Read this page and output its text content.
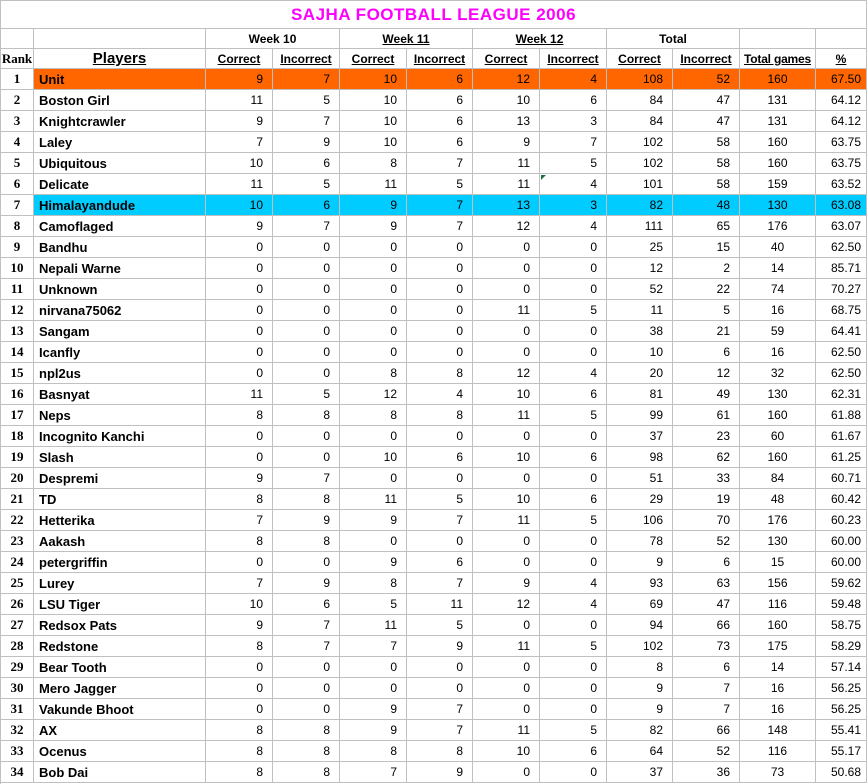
SAJHA FOOTBALL LEAGUE 2006
Week 10	Week 11	Week 12	Total
Rank	Players	Correct	Incorrect	Correct	Incorrect	Correct	Incorrect	Correct	Incorrect	Total games	%
1	Unit	9	7	10	6	12	4	108	52	160	67.50
2	Boston Girl	11	5	10	6	10	6	84	47	131	64.12
3	Knightcrawler	9	7	10	6	13	3	84	47	131	64.12
4	Laley	7	9	10	6	9	7	102	58	160	63.75
5	Ubiquitous	10	6	8	7	11	5	102	58	160	63.75
6	Delicate	11	5	11	5	11	4	101	58	159	63.52
7	Himalayandude	10	6	9	7	13	3	82	48	130	63.08
8	Camoflaged	9	7	9	7	12	4	111	65	176	63.07
9	Bandhu	0	0	0	0	0	0	25	15	40	62.50
10	Nepali Warne	0	0	0	0	0	0	12	2	14	85.71
11	Unknown	0	0	0	0	0	0	52	22	74	70.27
12	nirvana75062	0	0	0	0	11	5	11	5	16	68.75
13	Sangam	0	0	0	0	0	0	38	21	59	64.41
14	Icanfly	0	0	0	0	0	0	10	6	16	62.50
15	npl2us	0	0	8	8	12	4	20	12	32	62.50
16	Basnyat	11	5	12	4	10	6	81	49	130	62.31
17	Neps	8	8	8	8	11	5	99	61	160	61.88
18	Incognito Kanchi	0	0	0	0	0	0	37	23	60	61.67
19	Slash	0	0	10	6	10	6	98	62	160	61.25
20	Despremi	9	7	0	0	0	0	51	33	84	60.71
21	TD	8	8	11	5	10	6	29	19	48	60.42
22	Hetterika	7	9	9	7	11	5	106	70	176	60.23
23	Aakash	8	8	0	0	0	0	78	52	130	60.00
24	petergriffin	0	0	9	6	0	0	9	6	15	60.00
25	Lurey	7	9	8	7	9	4	93	63	156	59.62
26	LSU Tiger	10	6	5	11	12	4	69	47	116	59.48
27	Redsox Pats	9	7	11	5	0	0	94	66	160	58.75
28	Redstone	8	7	7	9	11	5	102	73	175	58.29
29	Bear Tooth	0	0	0	0	0	0	8	6	14	57.14
30	Mero Jagger	0	0	0	0	0	0	9	7	16	56.25
31	Vakunde Bhoot	0	0	9	7	0	0	9	7	16	56.25
32	AX	8	8	9	7	11	5	82	66	148	55.41
33	Ocenus	8	8	8	8	10	6	64	52	116	55.17
34	Bob Dai	8	8	7	9	0	0	37	36	73	50.68
